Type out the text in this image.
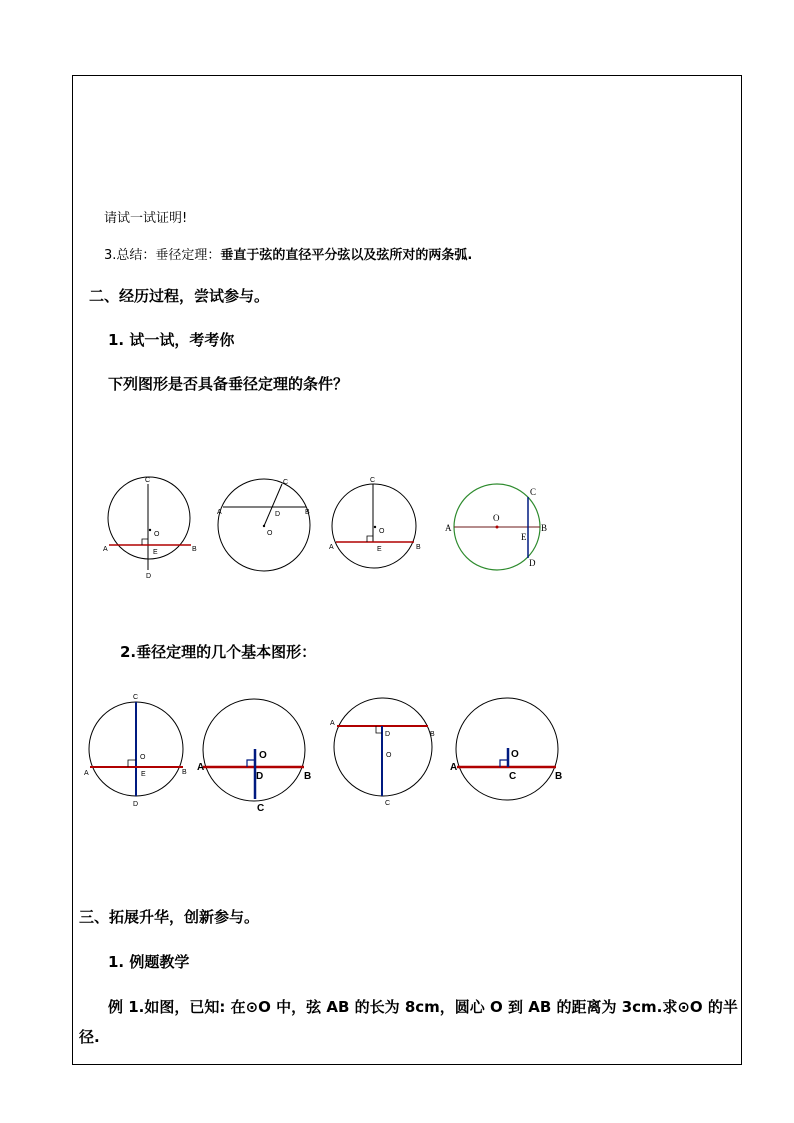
请试一试证明!
3.总结：垂径定理：垂直于弦的直径平分弦以及弦所对的两条弧.
二、经历过程，尝试参与。
1. 试一试，考考你
下列图形是否具备垂径定理的条件？
C
O
A	B
E
D
C
A	B
D
O
C
O
A	B
E
A
O
C
B
E
D
2.垂径定理的几个基本图形：
C
O
A	B
E
D
O
A
B
D
C
A
B
D
O
C
O
A
B
C
三、拓展升华，创新参与。
1. 例题教学
例 1.如图，已知: 在⊙O 中，弦 AB 的长为 8cm，圆心 O 到 AB 的距离为 3cm.求⊙O 的半
径.
